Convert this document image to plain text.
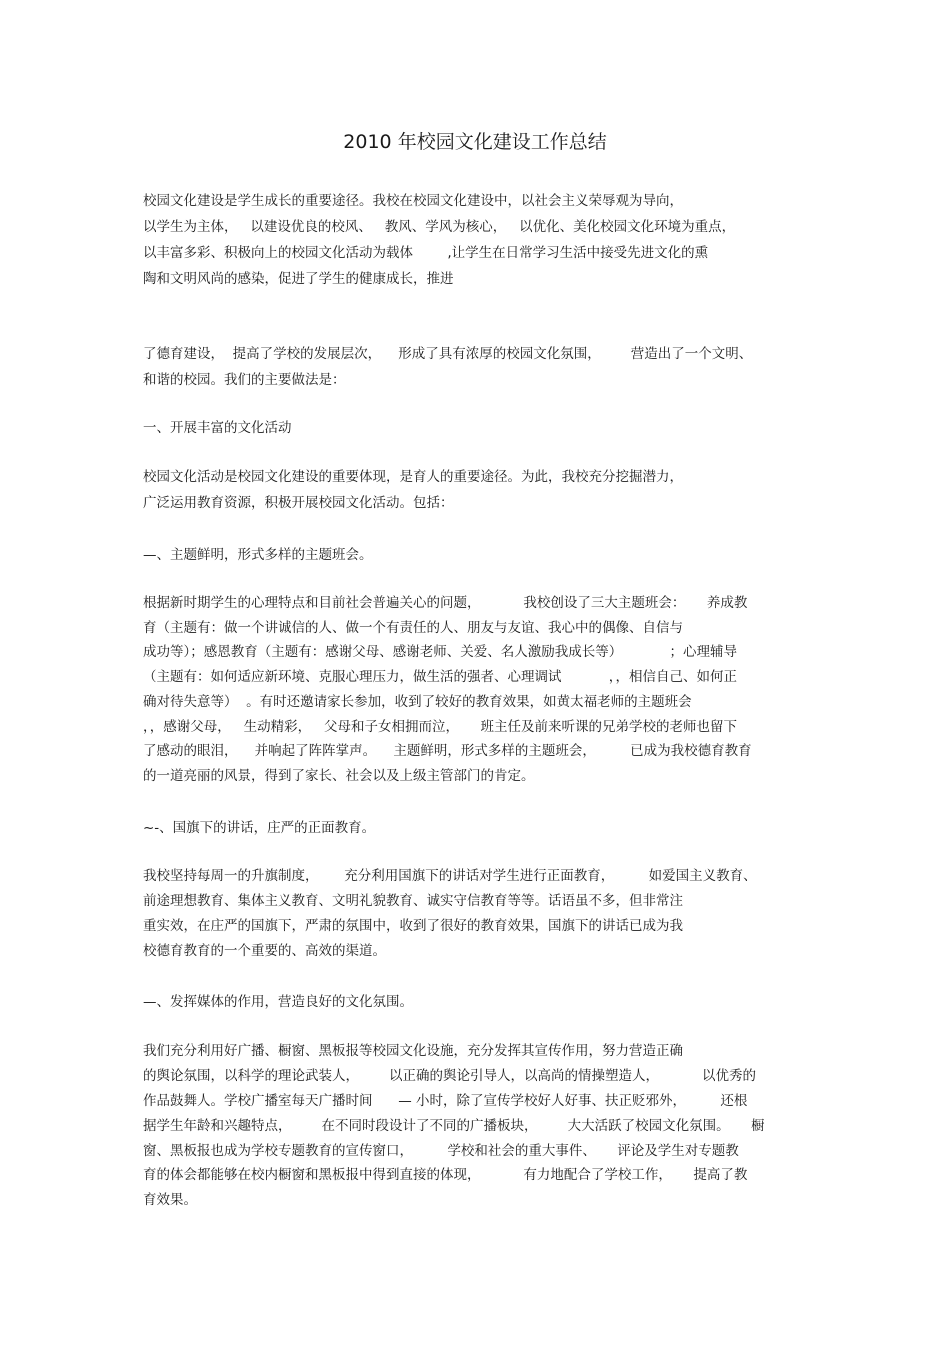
2010 年校园文化建设工作总结
校园文化建设是学生成长的重要途径。我校在校园文化建设中，以社会主义荣辱观为导向，
以学生为主体，   以建设优良的校风、   教风、学风为核心，   以优化、美化校园文化环境为重点，
以丰富多彩、积极向上的校园文化活动为载体        ,让学生在日常学习生活中接受先进文化的熏
陶和文明风尚的感染，促进了学生的健康成长，推进
了德育建设，  提高了学校的发展层次，    形成了具有浓厚的校园文化氛围，       营造出了一个文明、
和谐的校园。我们的主要做法是：
一、开展丰富的文化活动
校园文化活动是校园文化建设的重要体现，是育人的重要途径。为此，我校充分挖掘潜力，
广泛运用教育资源，积极开展校园文化活动。包括：
—、主题鲜明，形式多样的主题班会。
根据新时期学生的心理特点和目前社会普遍关心的问题，          我校创设了三大主题班会：     养成教
育（主题有：做一个讲诚信的人、做一个有责任的人、朋友与友谊、我心中的偶像、自信与
成功等）；感恩教育（主题有：感谢父母、感谢老师、关爱、名人激励我成长等）           ；心理辅导
（主题有：如何适应新环境、克服心理压力，做生活的强者、心理调试           ，，相信自己、如何正
确对待失意等）  。有时还邀请家长参加，收到了较好的教育效果，如黄太福老师的主题班会
，，感谢父母，   生动精彩，   父母和子女相拥而泣，     班主任及前来听课的兄弟学校的老师也留下
了感动的眼泪，    并响起了阵阵掌声。    主题鲜明，形式多样的主题班会，        已成为我校德育教育
的一道亮丽的风景，得到了家长、社会以及上级主管部门的肯定。
~-、国旗下的讲话，庄严的正面教育。
我校坚持每周一的升旗制度，      充分利用国旗下的讲话对学生进行正面教育，        如爱国主义教育、
前途理想教育、集体主义教育、文明礼貌教育、诚实守信教育等等。话语虽不多，但非常注
重实效，在庄严的国旗下，严肃的氛围中，收到了很好的教育效果，国旗下的讲话已成为我
校德育教育的一个重要的、高效的渠道。
—、发挥媒体的作用，营造良好的文化氛围。
我们充分利用好广播、橱窗、黑板报等校园文化设施，充分发挥其宣传作用，努力营造正确
的舆论氛围，以科学的理论武装人，       以正确的舆论引导人，以高尚的情操塑造人，          以优秀的
作品鼓舞人。学校广播室每天广播时间      — 小时，除了宣传学校好人好事、扶正贬邪外，        还根
据学生年龄和兴趣特点，       在不同时段设计了不同的广播板块，       大大活跃了校园文化氛围。     橱
窗、黑板报也成为学校专题教育的宣传窗口，        学校和社会的重大事件、     评论及学生对专题教
育的体会都能够在校内橱窗和黑板报中得到直接的体现，          有力地配合了学校工作，     提高了教
育效果。
